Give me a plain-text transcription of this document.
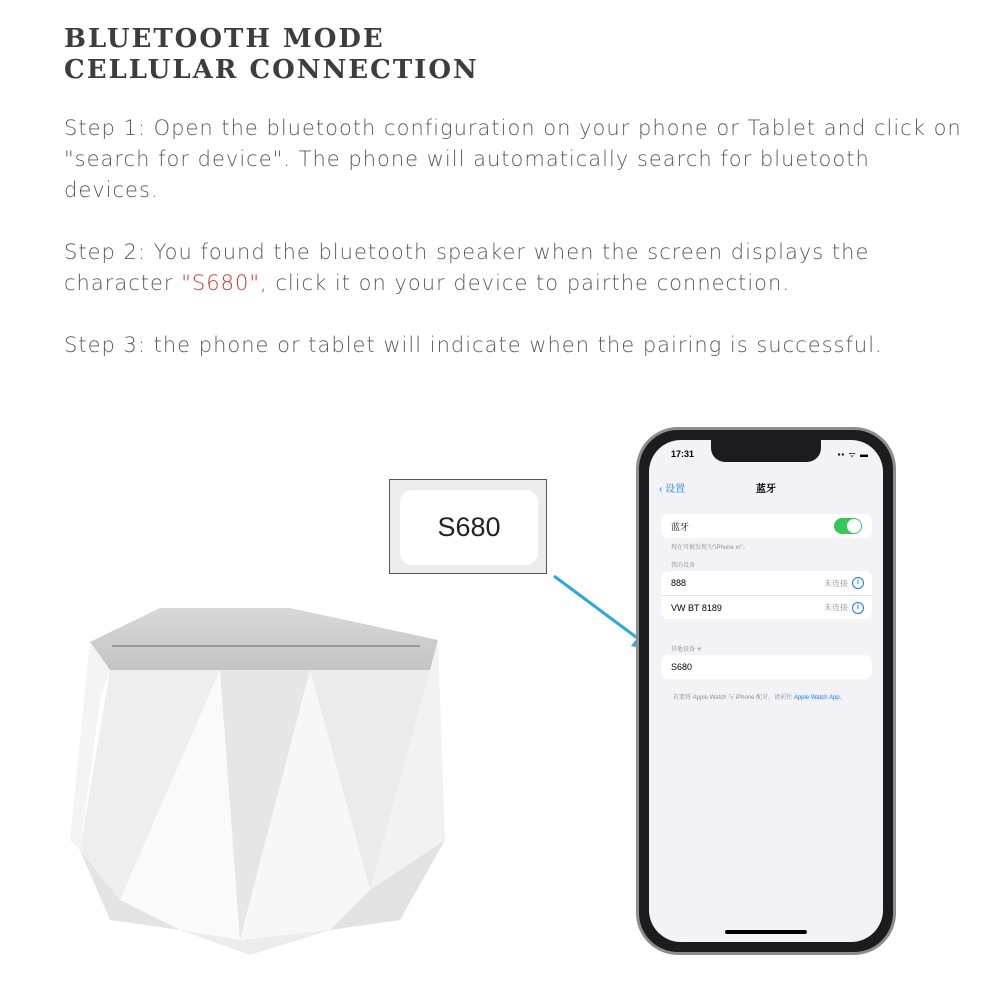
BLUETOOTH MODE
CELLULAR CONNECTION

Step 1: Open the bluetooth configuration on your phone or Tablet and click on "search for device". The phone will automatically search for bluetooth devices.

Step 2: You found the bluetooth speaker when the screen displays the character "S680", click it on your device to pairthe connection.

Step 3: the phone or tablet will indicate when the pairing is successful.

S680
17:31	▪▪ ᯤ ▬
蓝牙
‹ 设置
蓝牙
现在可被发现为"iPhone xr"。
我的设备
888	未连接	i
VW BT 8189	未连接	i
其他设备 ✳
S680
若要将 Apple Watch 与 iPhone 配对，请前往 Apple Watch App。
